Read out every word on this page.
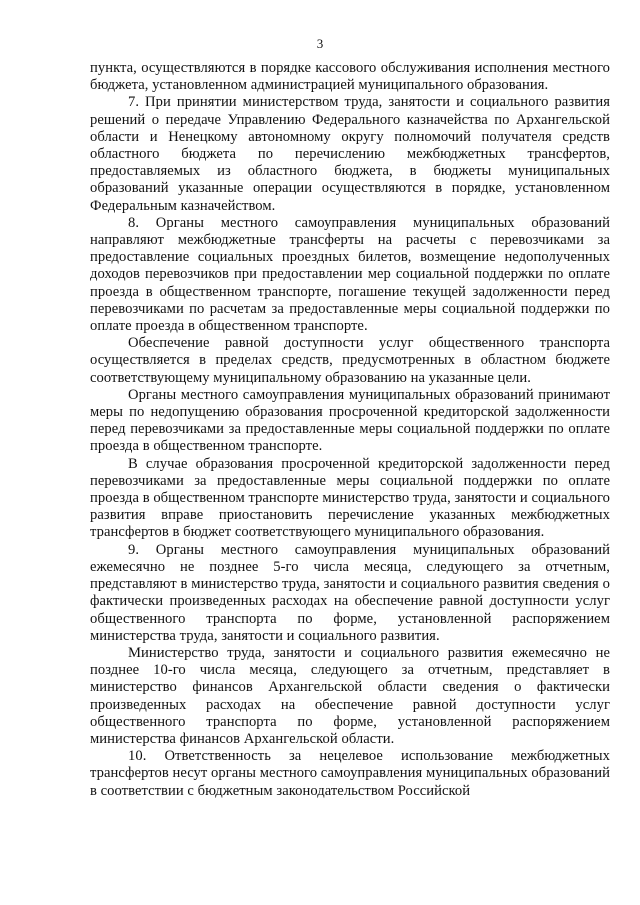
3

пункта, осуществляются в порядке кассового обслуживания исполнения местного бюджета, установленном администрацией муниципального образования.

7. При принятии министерством труда, занятости и социального развития решений о передаче Управлению Федерального казначейства по Архангельской области и Ненецкому автономному округу полномочий получателя средств областного бюджета по перечислению межбюджетных трансфертов, предоставляемых из областного бюджета, в бюджеты муниципальных образований указанные операции осуществляются в порядке, установленном Федеральным казначейством.

8. Органы местного самоуправления муниципальных образований направляют межбюджетные трансферты на расчеты с перевозчиками за предоставление социальных проездных билетов, возмещение недополученных доходов перевозчиков при предоставлении мер социальной поддержки по оплате проезда в общественном транспорте, погашение текущей задолженности перед перевозчиками по расчетам за предоставленные меры социальной поддержки по оплате проезда в общественном транспорте.

Обеспечение равной доступности услуг общественного транспорта осуществляется в пределах средств, предусмотренных в областном бюджете соответствующему муниципальному образованию на указанные цели.

Органы местного самоуправления муниципальных образований принимают меры по недопущению образования просроченной кредиторской задолженности перед перевозчиками за предоставленные меры социальной поддержки по оплате проезда в общественном транспорте.

В случае образования просроченной кредиторской задолженности перед перевозчиками за предоставленные меры социальной поддержки по оплате проезда в общественном транспорте министерство труда, занятости и социального развития вправе приостановить перечисление указанных межбюджетных трансфертов в бюджет соответствующего муниципального образования.

9. Органы местного самоуправления муниципальных образований ежемесячно не позднее 5-го числа месяца, следующего за отчетным, представляют в министерство труда, занятости и социального развития сведения о фактически произведенных расходах на обеспечение равной доступности услуг общественного транспорта по форме, установленной распоряжением министерства труда, занятости и социального развития.

Министерство труда, занятости и социального развития ежемесячно не позднее 10-го числа месяца, следующего за отчетным, представляет в министерство финансов Архангельской области сведения о фактически произведенных расходах на обеспечение равной доступности услуг общественного транспорта по форме, установленной распоряжением министерства финансов Архангельской области.

10. Ответственность за нецелевое использование межбюджетных трансфертов несут органы местного самоуправления муниципальных образований в соответствии с бюджетным законодательством Российской
